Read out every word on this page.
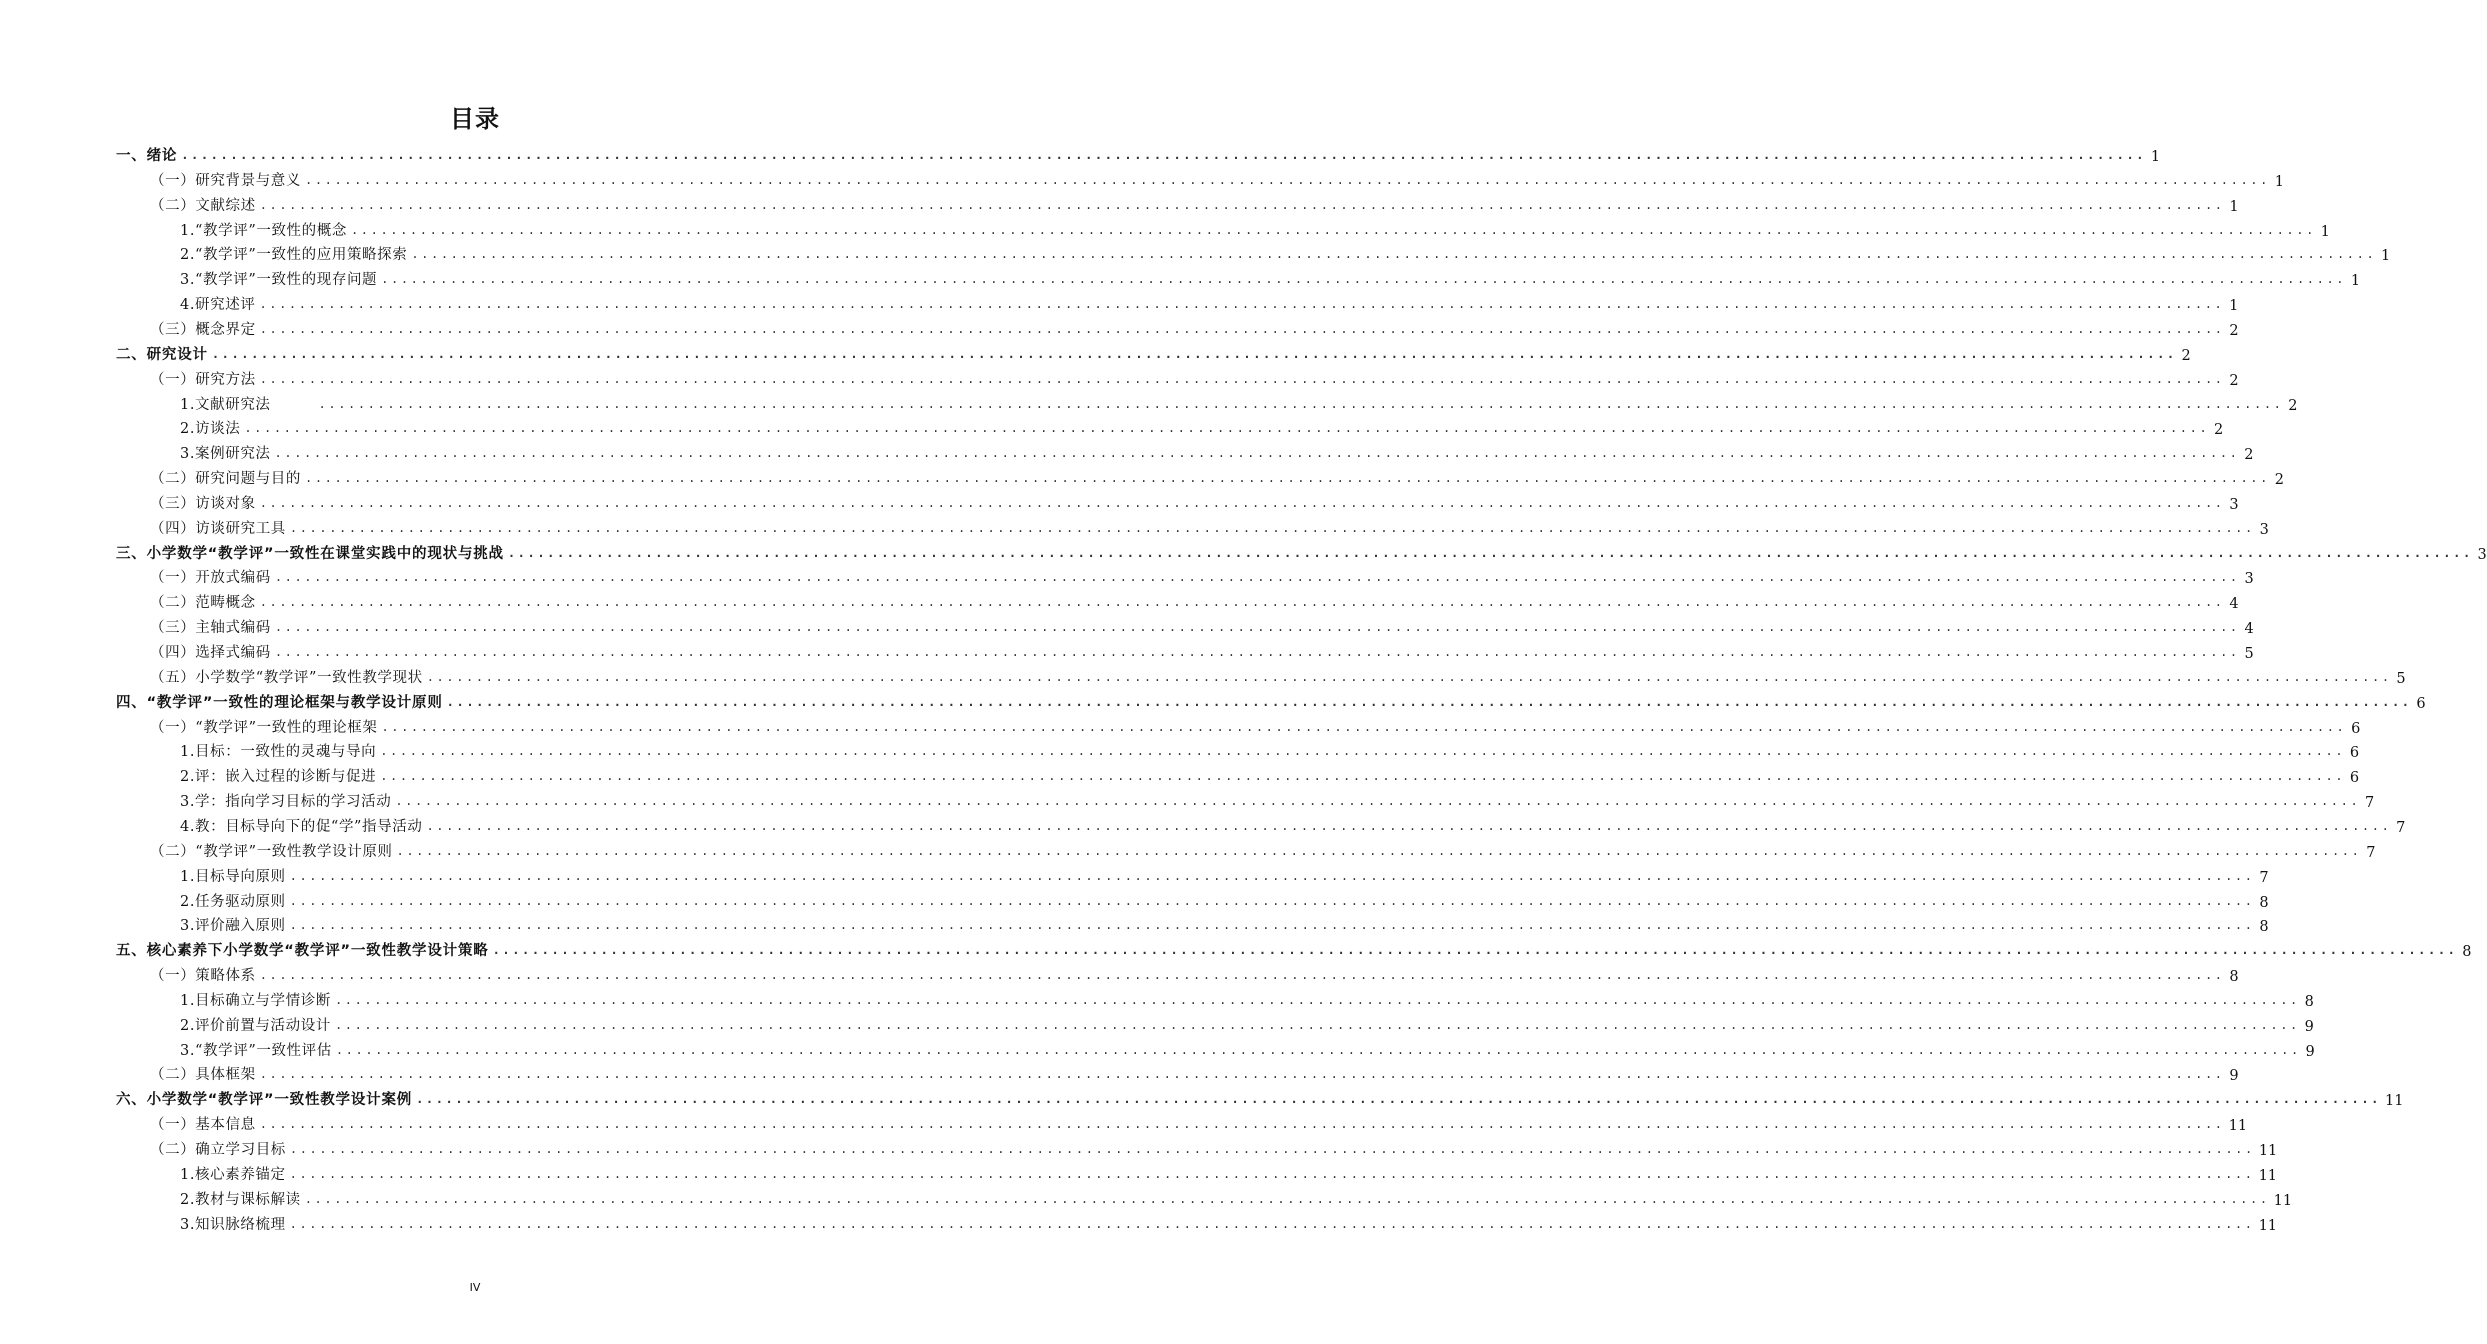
目录
一、绪论 ........................................................................................................................................................................................................ 1
（一）研究背景与意义 ........................................................................................................................................................................................................ 1
（二）文献综述 ........................................................................................................................................................................................................ 1
1.“教学评”一致性的概念 ........................................................................................................................................................................................................ 1
2.“教学评”一致性的应用策略探索 ........................................................................................................................................................................................................ 1
3.“教学评”一致性的现存问题 ........................................................................................................................................................................................................ 1
4.研究述评 ........................................................................................................................................................................................................ 1
（三）概念界定 ........................................................................................................................................................................................................ 2
二、研究设计 ........................................................................................................................................................................................................ 2
（一）研究方法 ........................................................................................................................................................................................................ 2
1.文献研究法	........................................................................................................................................................................................................ 2
2.访谈法 ........................................................................................................................................................................................................ 2
3.案例研究法 ........................................................................................................................................................................................................ 2
（二）研究问题与目的 ........................................................................................................................................................................................................ 2
（三）访谈对象 ........................................................................................................................................................................................................ 3
（四）访谈研究工具 ........................................................................................................................................................................................................ 3
三、小学数学“教学评”一致性在课堂实践中的现状与挑战 ........................................................................................................................................................................................................ 3
（一）开放式编码 ........................................................................................................................................................................................................ 3
（二）范畴概念 ........................................................................................................................................................................................................ 4
（三）主轴式编码 ........................................................................................................................................................................................................ 4
（四）选择式编码 ........................................................................................................................................................................................................ 5
（五）小学数学“教学评”一致性教学现状 ........................................................................................................................................................................................................ 5
四、“教学评”一致性的理论框架与教学设计原则 ........................................................................................................................................................................................................ 6
（一）“教学评”一致性的理论框架 ........................................................................................................................................................................................................ 6
1.目标：一致性的灵魂与导向 ........................................................................................................................................................................................................ 6
2.评：嵌入过程的诊断与促进 ........................................................................................................................................................................................................ 6
3.学：指向学习目标的学习活动 ........................................................................................................................................................................................................ 7
4.教：目标导向下的促“学”指导活动 ........................................................................................................................................................................................................ 7
（二）“教学评”一致性教学设计原则 ........................................................................................................................................................................................................ 7
1.目标导向原则 ........................................................................................................................................................................................................ 7
2.任务驱动原则 ........................................................................................................................................................................................................ 8
3.评价融入原则 ........................................................................................................................................................................................................ 8
五、核心素养下小学数学“教学评”一致性教学设计策略 ........................................................................................................................................................................................................ 8
（一）策略体系 ........................................................................................................................................................................................................ 8
1.目标确立与学情诊断 ........................................................................................................................................................................................................ 8
2.评价前置与活动设计 ........................................................................................................................................................................................................ 9
3.“教学评”一致性评估 ........................................................................................................................................................................................................ 9
（二）具体框架 ........................................................................................................................................................................................................ 9
六、小学数学“教学评”一致性教学设计案例 ........................................................................................................................................................................................................ 11
（一）基本信息 ........................................................................................................................................................................................................ 11
（二）确立学习目标 ........................................................................................................................................................................................................ 11
1.核心素养锚定 ........................................................................................................................................................................................................ 11
2.教材与课标解读 ........................................................................................................................................................................................................ 11
3.知识脉络梳理 ........................................................................................................................................................................................................ 11
IV
